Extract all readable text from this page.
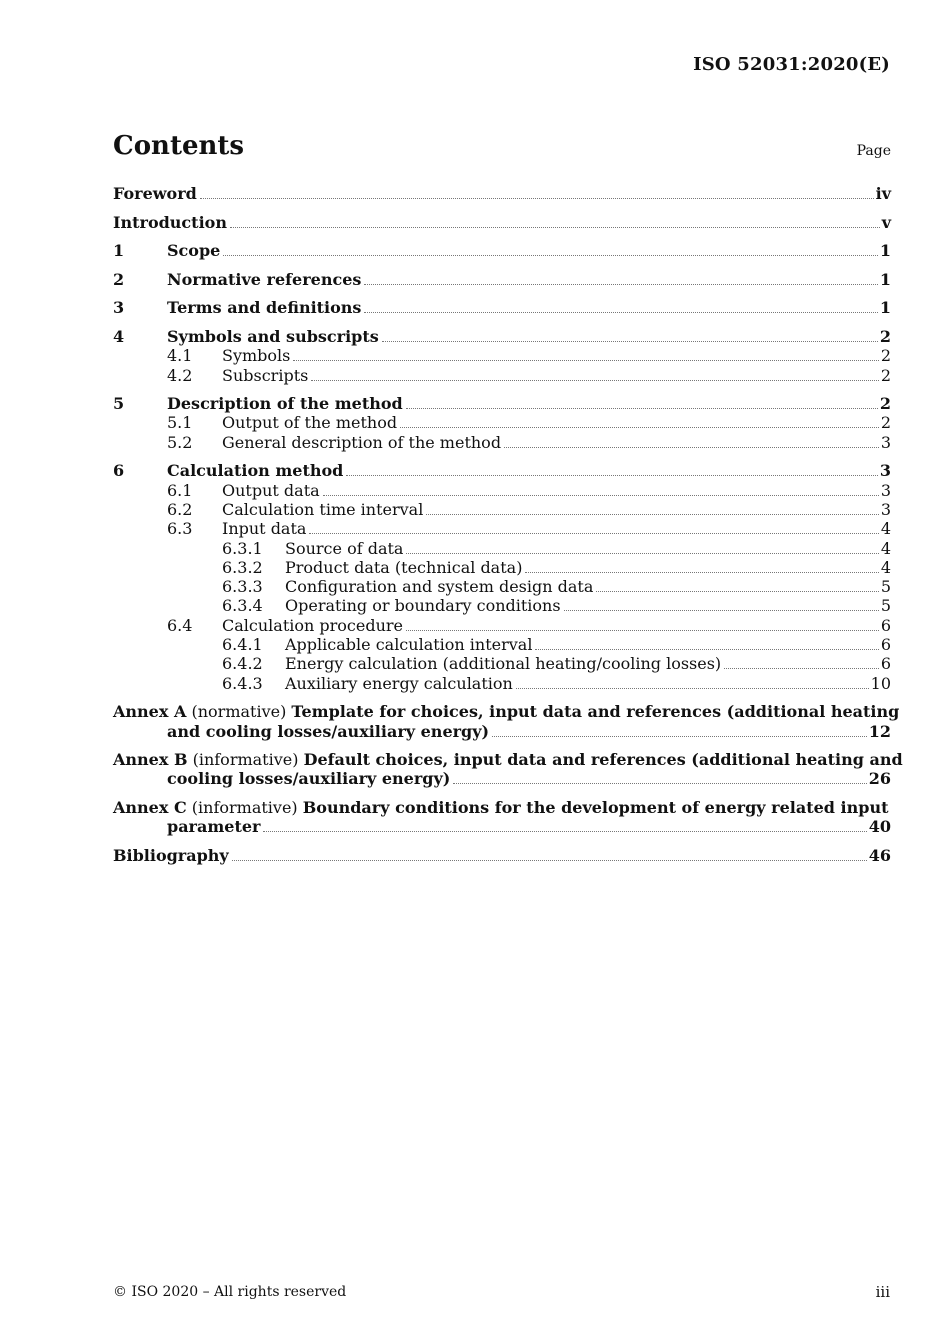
ISO 52031:2020(E)
Contents	Page
Foreword	iv
Introduction	v
1	Scope	1
2	Normative references	1
3	Terms and definitions	1
4	Symbols and subscripts	2
4.1 Symbols	2
4.2 Subscripts	2
5	Description of the method	2
5.1 Output of the method	2
5.2 General description of the method	3
6	Calculation method	3
6.1 Output data	3
6.2 Calculation time interval	3
6.3 Input data	4
6.3.1 Source of data	4
6.3.2 Product data (technical data)	4
6.3.3 Configuration and system design data	5
6.3.4 Operating or boundary conditions	5
6.4 Calculation procedure	6
6.4.1 Applicable calculation interval	6
6.4.2 Energy calculation (additional heating/cooling losses)	6
6.4.3 Auxiliary energy calculation	10
Annex A (normative) Template for choices, input data and references (additional heating
and cooling losses/auxiliary energy)	12
Annex B (informative) Default choices, input data and references (additional heating and
cooling losses/auxiliary energy)	26
Annex C (informative) Boundary conditions for the development of energy related input
parameter	40
Bibliography	46
© ISO 2020 – All rights reserved	iii
